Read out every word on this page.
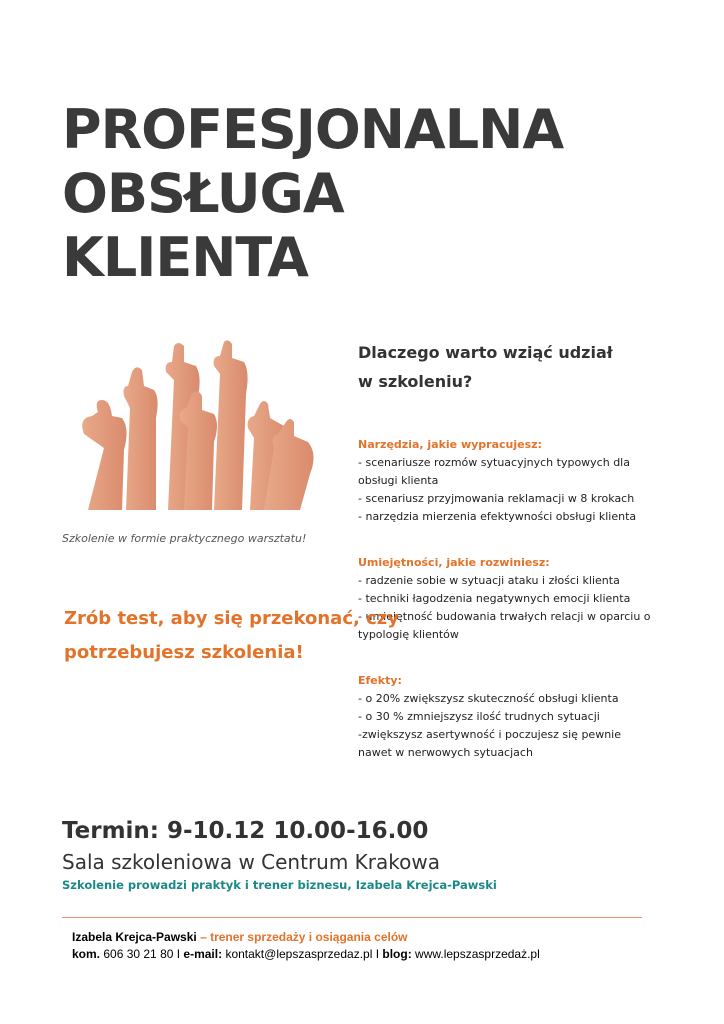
PROFESJONALNA
OBSŁUGA
KLIENTA
Dlaczego warto wziąć udział
w szkoleniu?
Narzędzia, jakie wypracujesz:
- scenariusze rozmów sytuacyjnych typowych dla obsługi klienta
- scenariusz przyjmowania reklamacji w 8 krokach
- narzędzia mierzenia efektywności obsługi klienta
Umiejętności, jakie rozwiniesz:
- radzenie sobie w sytuacji ataku i złości klienta
- techniki łagodzenia negatywnych emocji klienta
- umiejętność budowania trwałych relacji w oparciu o typologię klientów
Efekty:
- o 20% zwiększysz skuteczność obsługi klienta
- o 30 % zmniejszysz ilość trudnych sytuacji
-zwiększysz asertywność i poczujesz się pewnie nawet w nerwowych sytuacjach
Szkolenie w formie praktycznego warsztatu!
Zrób test, aby się przekonać, czy
potrzebujesz szkolenia!
Termin: 9-10.12 10.00-16.00
Sala szkoleniowa w Centrum Krakowa
Szkolenie prowadzi praktyk i trener biznesu, Izabela Krejca-Pawski
Izabela Krejca-Pawski – trener sprzedaży i osiągania celów
kom. 606 30 21 80 I e-mail: kontakt@lepszasprzedaz.pl I blog: www.lepszasprzedaż.pl
